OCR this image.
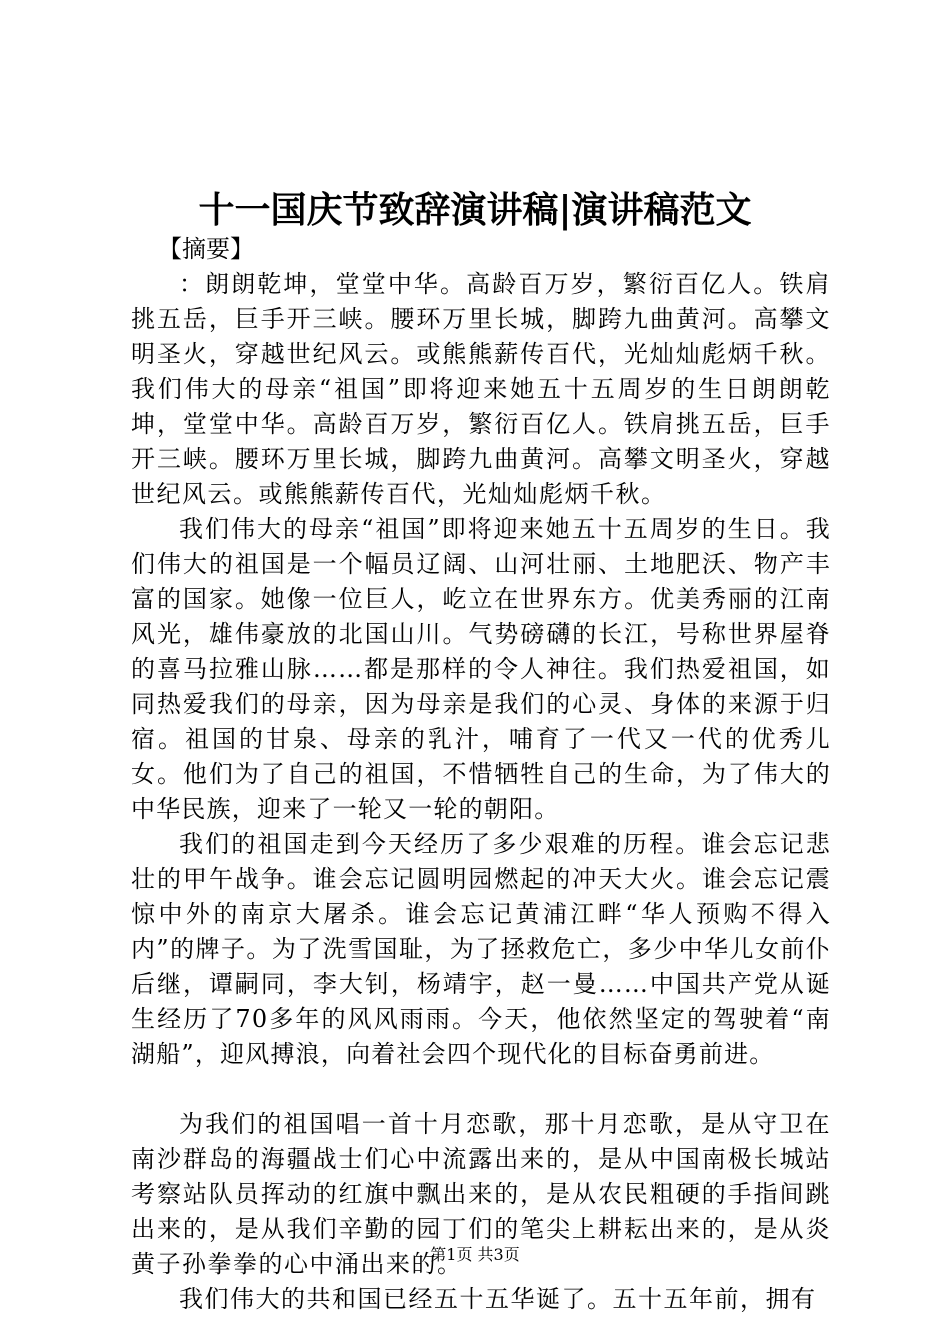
十一国庆节致辞演讲稿|演讲稿范文

【摘要】

：朗朗乾坤，堂堂中华。高龄百万岁，繁衍百亿人。铁肩挑五岳，巨手开三峡。腰环万里长城，脚跨九曲黄河。高攀文明圣火，穿越世纪风云。或熊熊薪传百代，光灿灿彪炳千秋。我们伟大的母亲“祖国”即将迎来她五十五周岁的生日朗朗乾坤，堂堂中华。高龄百万岁，繁衍百亿人。铁肩挑五岳，巨手开三峡。腰环万里长城，脚跨九曲黄河。高攀文明圣火，穿越世纪风云。或熊熊薪传百代，光灿灿彪炳千秋。

我们伟大的母亲“祖国”即将迎来她五十五周岁的生日。我们伟大的祖国是一个幅员辽阔、山河壮丽、土地肥沃、物产丰富的国家。她像一位巨人，屹立在世界东方。优美秀丽的江南风光，雄伟豪放的北国山川。气势磅礴的长江，号称世界屋脊的喜马拉雅山脉……都是那样的令人神往。我们热爱祖国，如同热爱我们的母亲，因为母亲是我们的心灵、身体的来源于归宿。祖国的甘泉、母亲的乳汁，哺育了一代又一代的优秀儿女。他们为了自己的祖国，不惜牺牲自己的生命，为了伟大的中华民族，迎来了一轮又一轮的朝阳。

我们的祖国走到今天经历了多少艰难的历程。谁会忘记悲壮的甲午战争。谁会忘记圆明园燃起的冲天大火。谁会忘记震惊中外的南京大屠杀。谁会忘记黄浦江畔“华人预购不得入内”的牌子。为了洗雪国耻，为了拯救危亡，多少中华儿女前仆后继，谭嗣同，李大钊，杨靖宇，赵一曼……中国共产党从诞生经历了70多年的风风雨雨。今天，他依然坚定的驾驶着“南湖船”，迎风搏浪，向着社会四个现代化的目标奋勇前进。

为我们的祖国唱一首十月恋歌，那十月恋歌，是从守卫在南沙群岛的海疆战士们心中流露出来的，是从中国南极长城站考察站队员挥动的红旗中飘出来的，是从农民粗硬的手指间跳出来的，是从我们辛勤的园丁们的笔尖上耕耘出来的，是从炎黄子孙拳拳的心中涌出来的。

我们伟大的共和国已经五十五华诞了。五十五年前，拥有

第1页 共3页
